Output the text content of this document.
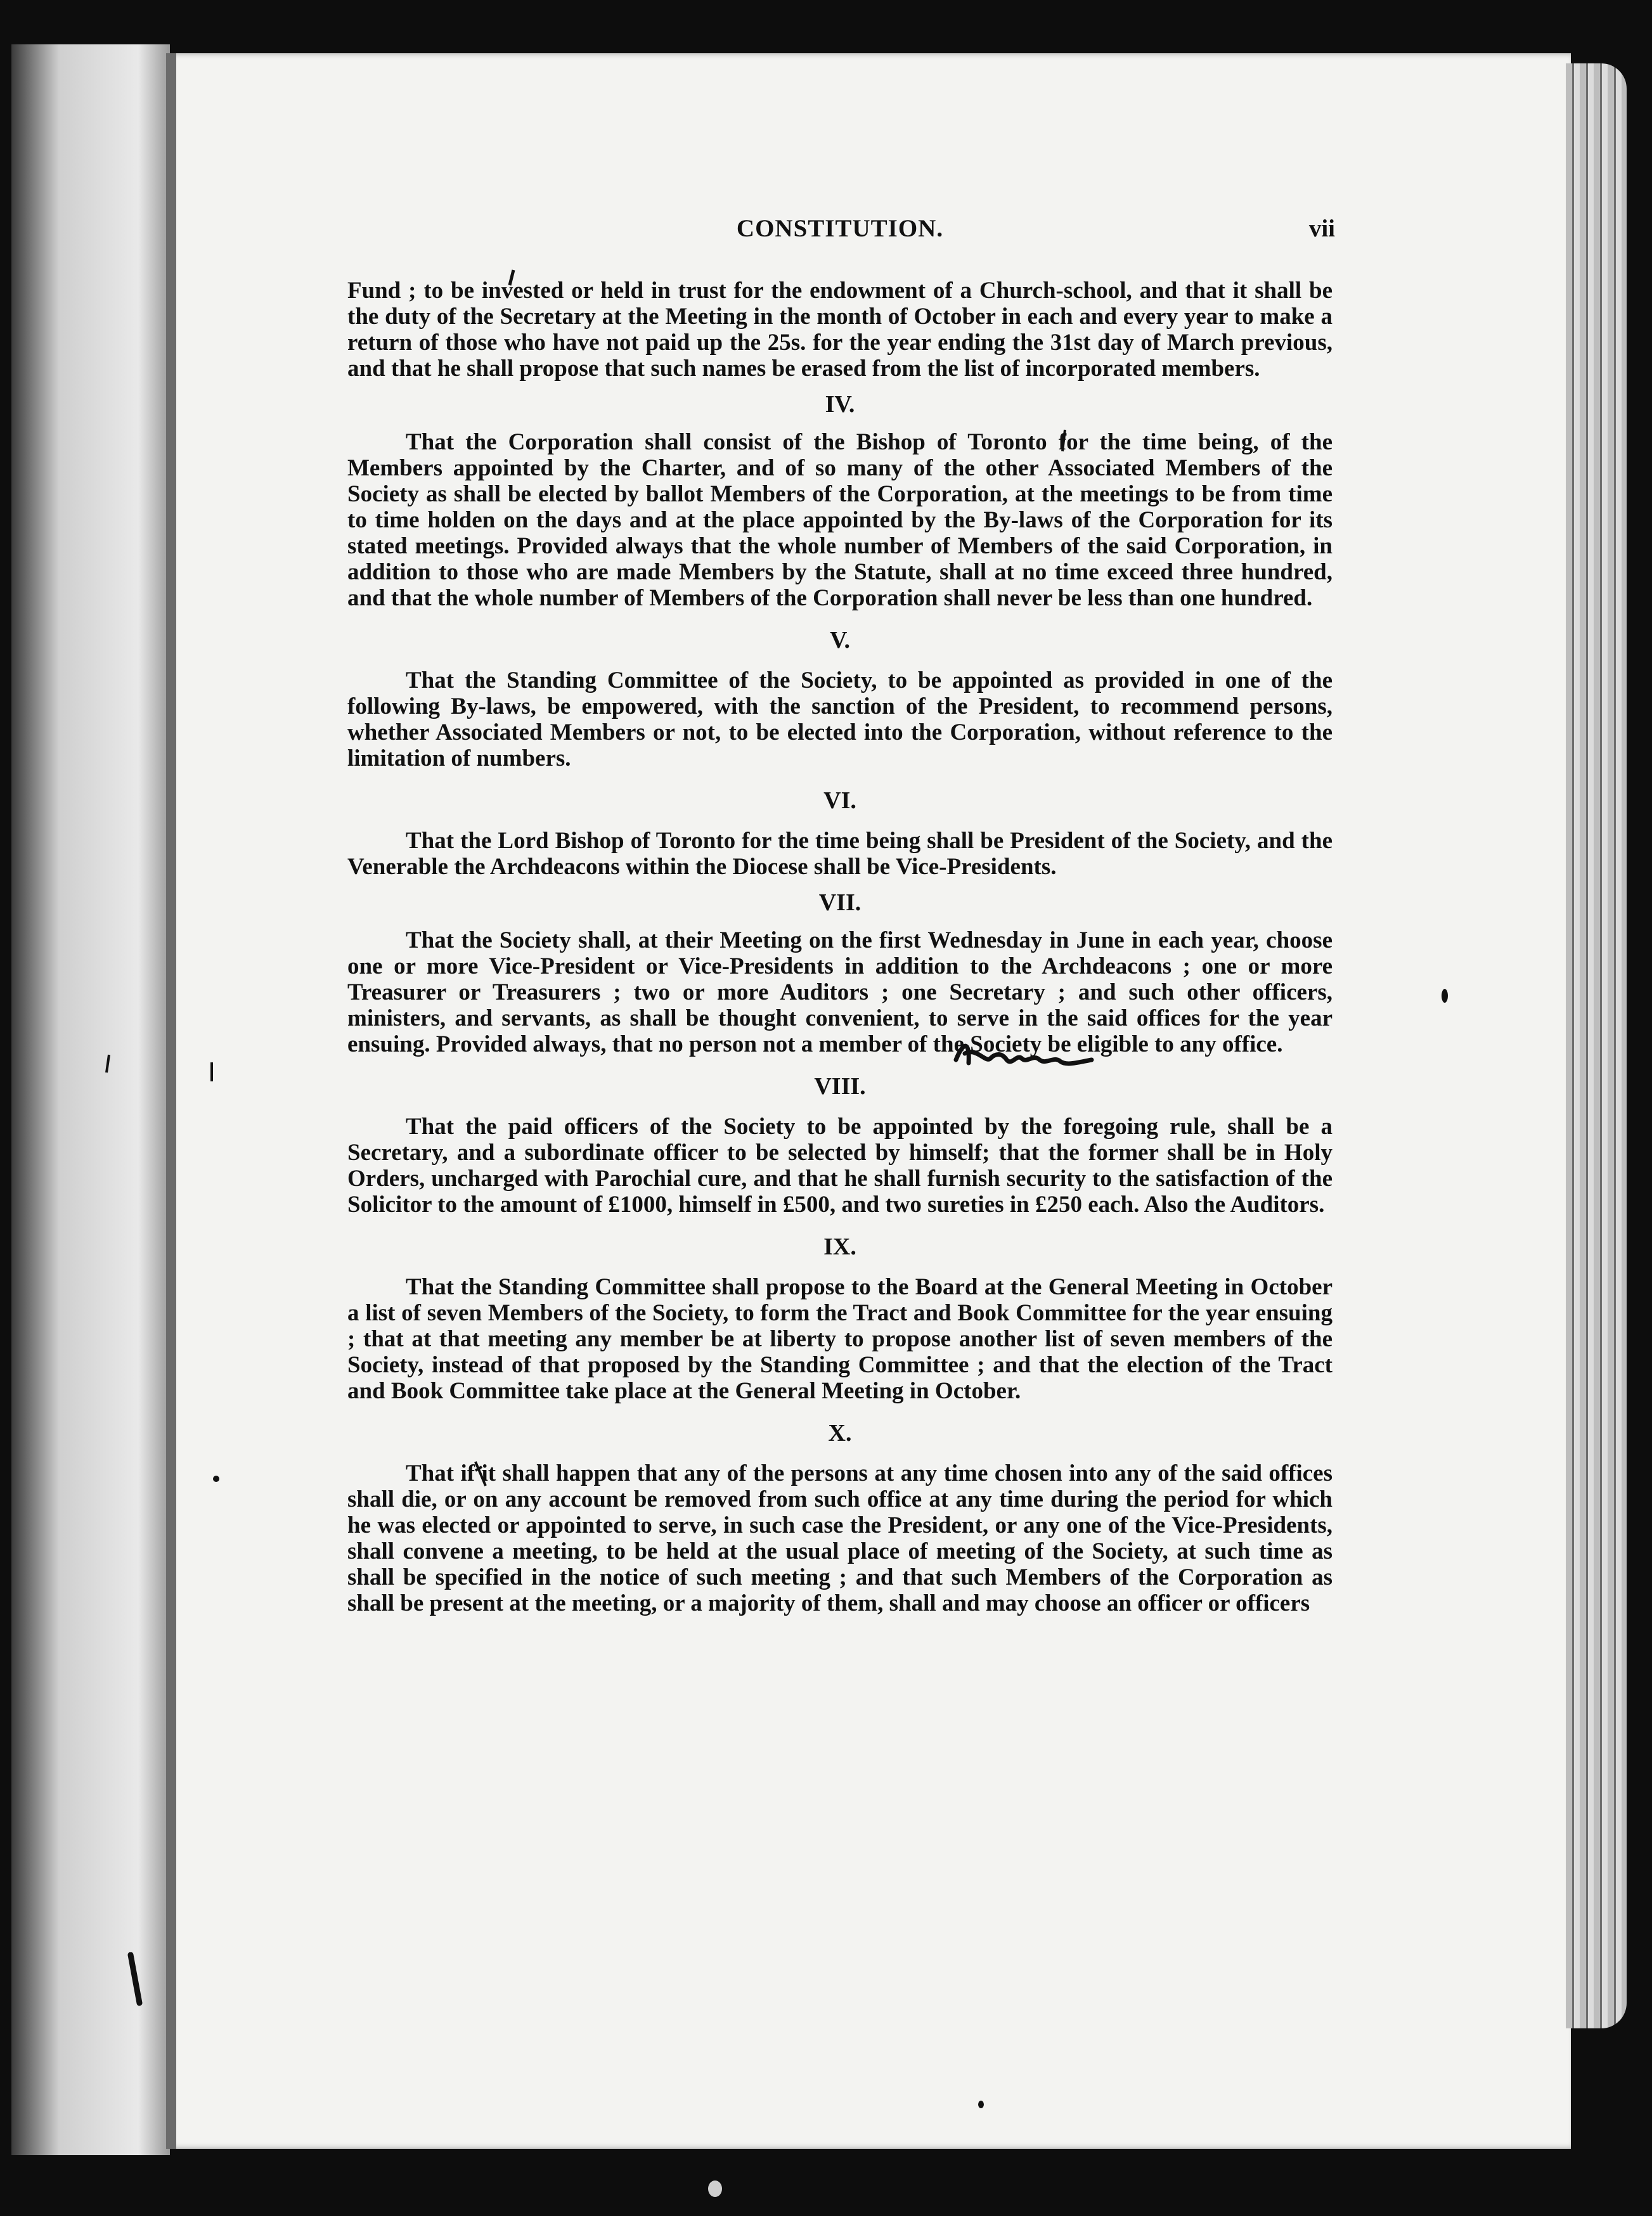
CONSTITUTION.	vii

Fund ; to be invested or held in trust for the endowment of a Church-school, and that it shall be the duty of the Secretary at the Meeting in the month of October in each and every year to make a return of those who have not paid up the 25s. for the year ending the 31st day of March previous, and that he shall propose that such names be erased from the list of incorporated members.

IV.

That the Corporation shall consist of the Bishop of Toronto for the time being, of the Members appointed by the Charter, and of so many of the other Associated Members of the Society as shall be elected by ballot Members of the Corporation, at the meetings to be from time to time holden on the days and at the place appointed by the By-laws of the Corporation for its stated meetings. Provided always that the whole number of Members of the said Corporation, in addition to those who are made Members by the Statute, shall at no time exceed three hundred, and that the whole number of Members of the Corporation shall never be less than one hundred.

V.

That the Standing Committee of the Society, to be appointed as provided in one of the following By-laws, be empowered, with the sanction of the President, to recommend persons, whether Associated Members or not, to be elected into the Corporation, without reference to the limitation of numbers.

VI.

That the Lord Bishop of Toronto for the time being shall be President of the Society, and the Venerable the Archdeacons within the Diocese shall be Vice-Presidents.

VII.

That the Society shall, at their Meeting on the first Wednesday in June in each year, choose one or more Vice-President or Vice-Presidents in addition to the Archdeacons ; one or more Treasurer or Treasurers ; two or more Auditors ; one Secretary ; and such other officers, ministers, and servants, as shall be thought convenient, to serve in the said offices for the year ensuing. Provided always, that no person not a member of the Society be eligible to any office.

VIII.

That the paid officers of the Society to be appointed by the foregoing rule, shall be a Secretary, and a subordinate officer to be selected by himself; that the former shall be in Holy Orders, uncharged with Parochial cure, and that he shall furnish security to the satisfaction of the Solicitor to the amount of £1000, himself in £500, and two sureties in £250 each. Also the Auditors.

IX.

That the Standing Committee shall propose to the Board at the General Meeting in October a list of seven Members of the Society, to form the Tract and Book Committee for the year ensuing ; that at that meeting any member be at liberty to propose another list of seven members of the Society, instead of that proposed by the Standing Committee ; and that the election of the Tract and Book Committee take place at the General Meeting in October.

X.

That if it shall happen that any of the persons at any time chosen into any of the said offices shall die, or on any account be removed from such office at any time during the period for which he was elected or appointed to serve, in such case the President, or any one of the Vice-Presidents, shall convene a meeting, to be held at the usual place of meeting of the Society, at such time as shall be specified in the notice of such meeting ; and that such Members of the Corporation as shall be present at the meeting, or a majority of them, shall and may choose an officer or officers
